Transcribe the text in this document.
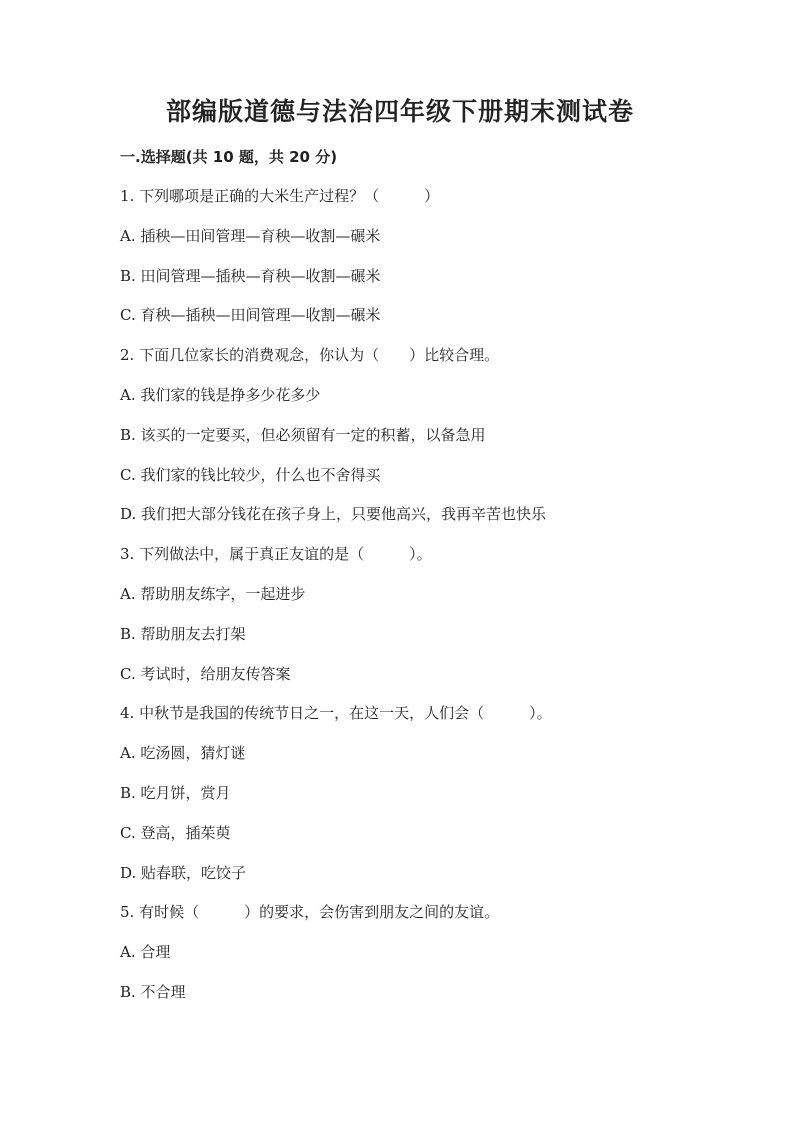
部编版道德与法治四年级下册期末测试卷
一.选择题(共 10 题，共 20 分)
1. 下列哪项是正确的大米生产过程？（　　　）
A. 插秧—田间管理—育秧—收割—碾米
B. 田间管理—插秧—育秧—收割—碾米
C. 育秧—插秧—田间管理—收割—碾米
2. 下面几位家长的消费观念，你认为（　　）比较合理。
A. 我们家的钱是挣多少花多少
B. 该买的一定要买，但必须留有一定的积蓄，以备急用
C. 我们家的钱比较少，什么也不舍得买
D. 我们把大部分钱花在孩子身上，只要他高兴，我再辛苦也快乐
3. 下列做法中，属于真正友谊的是（　　　）。
A. 帮助朋友练字，一起进步
B. 帮助朋友去打架
C. 考试时，给朋友传答案
4. 中秋节是我国的传统节日之一，在这一天，人们会（　　　）。
A. 吃汤圆，猜灯谜
B. 吃月饼，赏月
C. 登高，插茱萸
D. 贴春联，吃饺子
5. 有时候（　　　）的要求，会伤害到朋友之间的友谊。
A. 合理
B. 不合理
